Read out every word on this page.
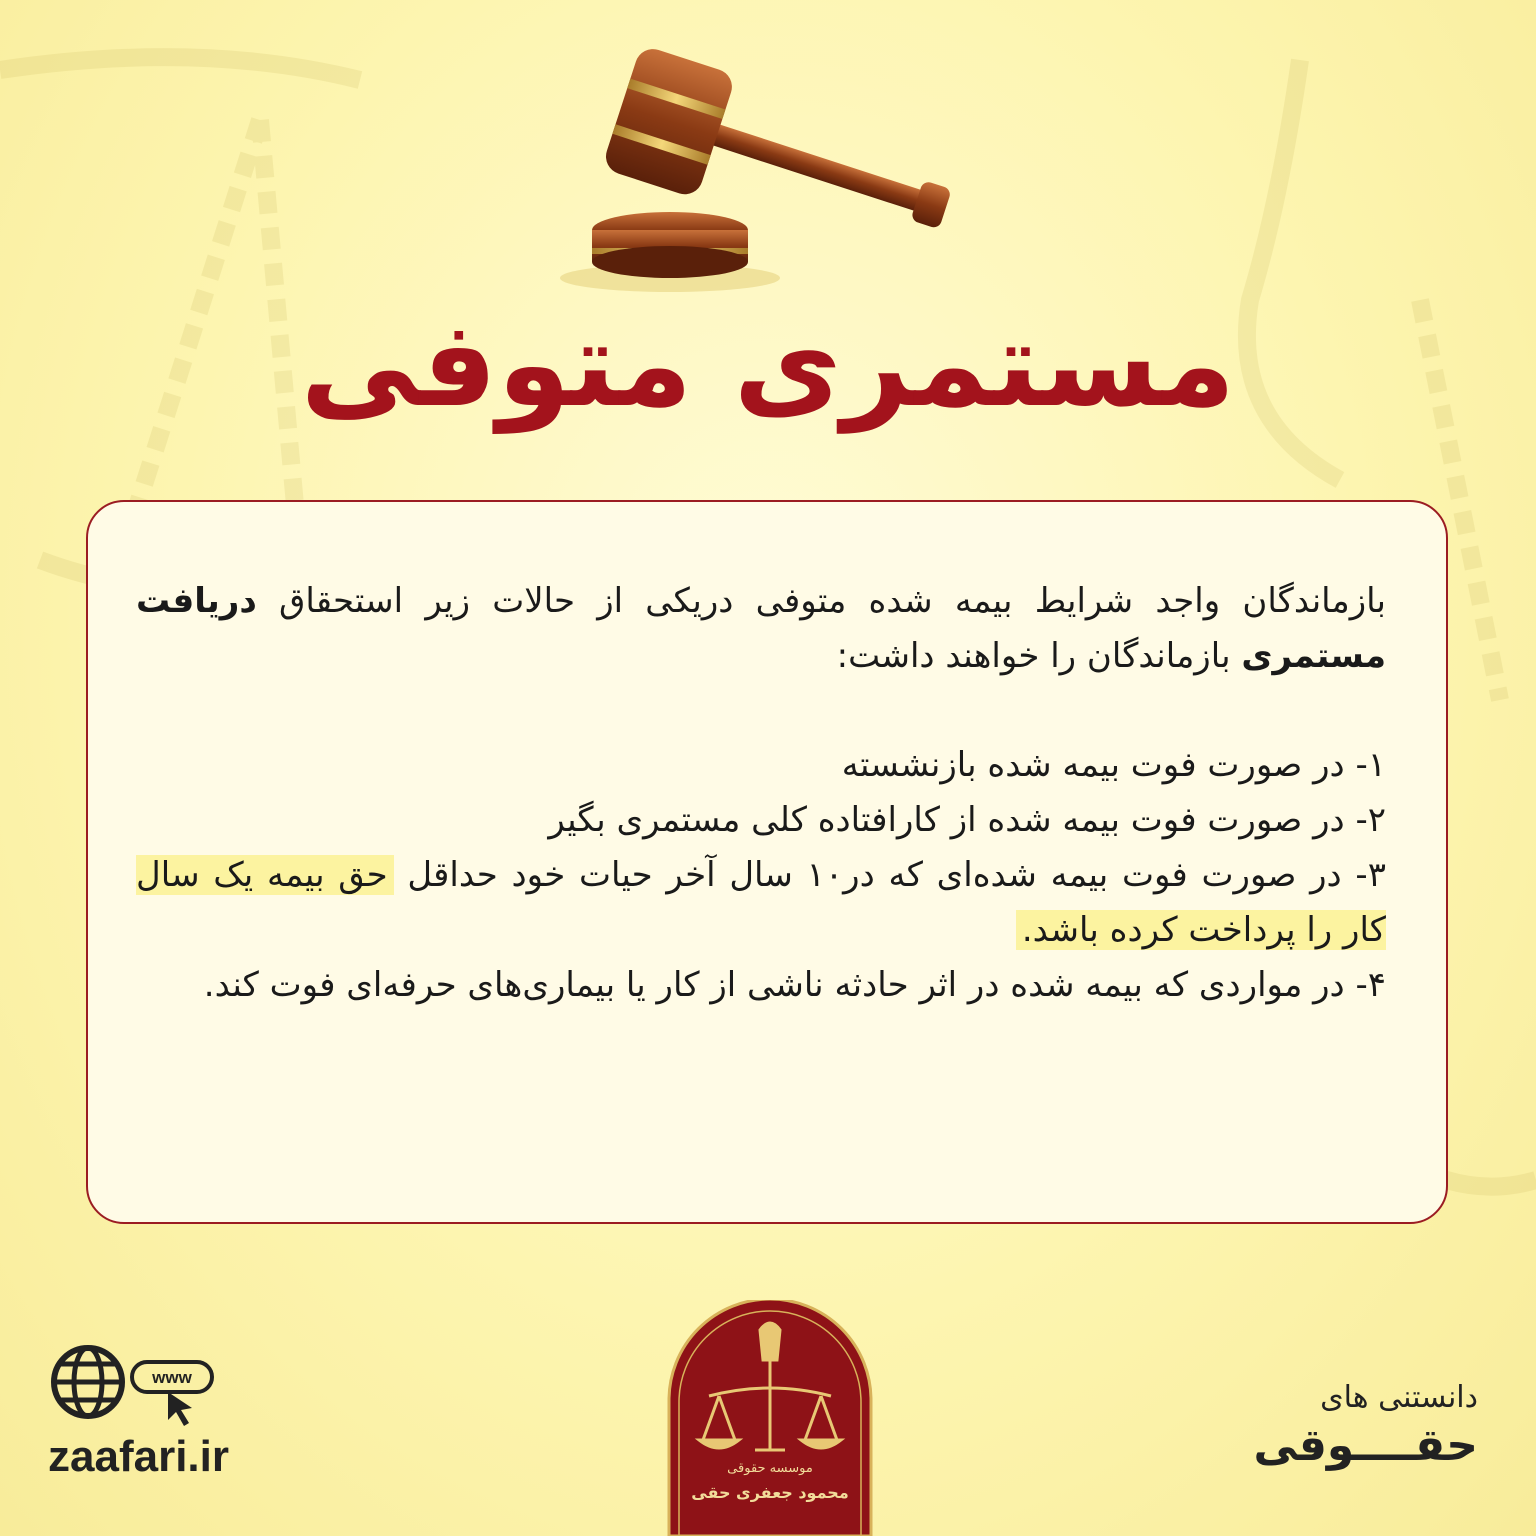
مستمری متوفی

بازماندگان واجد شرایط بیمه شده متوفی دریکی از حالات زیر استحقاق دریافت مستمری بازماندگان را خواهند داشت:

۱- در صورت فوت بیمه شده بازنشسته

۲- در صورت فوت بیمه شده از کارافتاده کلی مستمری بگیر

۳- در صورت فوت بیمه شده‌ای که در۱۰ سال آخر حیات خود حداقل حق بیمه یک سال کار را پرداخت کرده باشد.

۴- در مواردی که بیمه شده در اثر حادثه ناشی از کار یا بیماری‌های حرفه‌ای فوت کند.

موسسه حقوقی
محمود جعفری حقی
www
zaafari.ir
دانستنی های
حقــــوقی
